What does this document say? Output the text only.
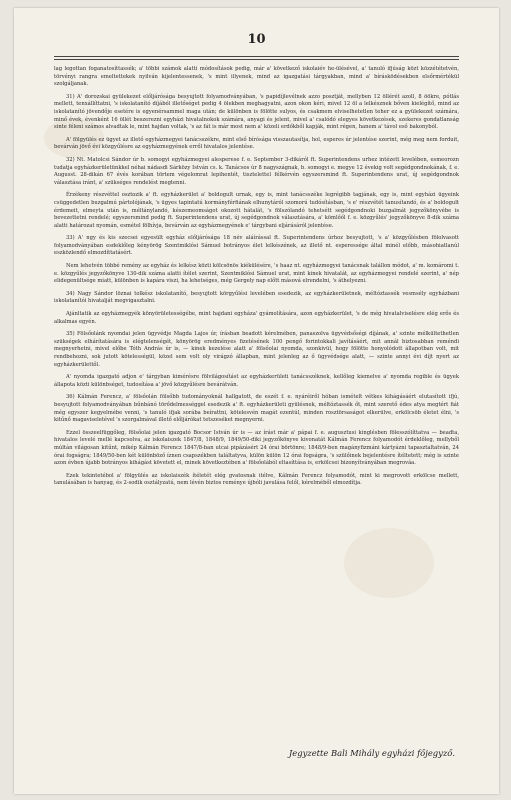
10

lag legottan foganatosíttassék; a' többi számok alatti módosítások pedig, már a' következő iskolaiév he-ülésével, a' tanuló ifjúság közt közzététetvén, törvényi rangra emeltettekek nyilván kijelentessenek, 's mint illyenek, mind az igazgatási tárgyakban, mind a' bírásködésekben elsőrmértékül szolgáljanak.

31) A' dorozskai gyülekezet előljárósága besyujtott folyamodványában, 's papidíjlevélnek azzo posztját, mellyben 12 öllérét azoll, 8 öökre, pótlás mellett, tenxállíttatni, 's iskolatanító díjából illetőséget pedig 4 ölekben meghagyatni, azon okon kéri, mivel 12 öl a lelkésznek bőven kielégítő, mind az iskolatanító jövendője esetére is egyenérsammel maga után; de különben is fölötte sulyos, és csakmem elviselhetetlen teher ez a gyülekezet számára, minő évek, évenként 16 öllét beszerezni egyházi hivatalnokok számára, anyagi és jelent, mivel a' csalódó elegyes következések, szekeres gondatlanság sinte féleni számos alvadtak le, mint hajdan voltak, 's az fát is már most nem a' közeli erdőkből kapják, mint régen, hanem a' távol eső bakonyból.

A' fölgyülés ez ügyet az illető egyházmegyei tanácsszékre, mint első bírósága visszautasítja, hol, esperes úr jelentése szerint, még meg nem forduit, bevárván jövő évi közgyűlésre az egyházmegyének erről hivatalos jelentése.

32) Nt. Matolcsi Sándor úr b. somogyi egyházmegyei alesperese f. e. September 3-dikáról ft. Superintendens urhez intézett levelében, esmeorozn tudatja egyházkerületünkkel néhai nádasdi Sárközy István cs. k. Tanácsos úr 8 nagyszágnak, b. somogyi e. megye 12 évekig volt segédgondnokának, f. e. Augusst. 28-dikán 67 évés korában törtem végelomrat lepihentét, tisztelettel félkérvén egyszersmind ft. Superintendens urat, új segédgondnok választása iránt, a' szükséges rendelést megtenni.

Érzékeny részvéttel osztozik a' ft. egyházkerület a' boldogult urnak, egy is, mint tanácsszéke legrégibb tagjának, egy is, mint egyházi ügyeink csüggedetlen buzgalmú pártolójának, 's ügyes tapintatú kormányférfiának elhunytáról szomorú tudósításban, 's e' részvétét tanusítandó, és a' boldogult érdemeit, elmeyta után is, méltánylandó, készemeomságot okozott hátalát, 's fölszólandó tehetsétt segédgondnoki buzgalmát jegyzőkönyvébe is bevezettetni rendelé; egyszersmind pedig ft. Superintendens urat, új segédgondnok választására, a' kömlőől f. e. közgyűlés' jegyzőkönyve 8-dik száma alatti határozat nyomán, esmétel fölhívja, bevárván az egyházmegyének e' tárgybani eljárásáról jelentése.

33) A' ngy és kis szecsei egyesült egyház előljárósága 18 név aláírással ft. Superintendens úrhoz besyujtott, 's a' közgyűlésben fölolvasott folyamodványában esdeklőleg kényörög Szentmiklósi Sámuel botrányos élet lelkészének, az illető nt. esperessége által minél előbb, másohiatlanúl eszközlendő elmozdíttatásért.

Nem lehetvén többé remény az egyház és lelkész közti kölcsönös kiékülésére, 's haaz nt. egyházmegyei tanácsnak talállon módot, a' m. komáromi t. e. közgyűlés jegyzőkönyve 130-dik száma alatti ítélet szerint, Szentmiklósi Sámuel urat, mint kinek hivatalát, az egyházmegyei rendelé szerint, a' nép elidegenültsége miatt, különben is kapára viszi, ha lehetséges, még Gergely nap előtt másová elrendelni, 's áthelyezni.

34) Nagy Sándor löznai tolkész iskolatanító, besyujtott körgyűlési levelében esedezik, az egyházkerületnek, méltóztassék vesmsély egyházbani iskolatanítói hivatalját megvigasztalni.

Ajánltatik az egyházmegyék könyörületességébe, mint hajdani egyháza' gyámolítására, azon egyházkerület, 's de még hivatalviselésre elég erős és alkalmas egyén.

35) Fölsőolánk nyomdai jelen ügyvédje Magda Lajos úr, írásban beadott kérelmében, panaszolva ügyvédsőségi díjának, a' szinte mélkültethetlen szükségek elhárítatására is elégtelenségét, könyörög eredményes fizetésének 100 pengő forintokkali javításáért, mit annál biztosabban reméndi megnyerhetni, mivel előbe Tóth András úr is, — kinek kezelése alatt a' fölsőolai nyomda, szonkivül, hogy fölötte honyolódott állapotban volt, mit rendbehozni, sok jutott kötelességül, közel sem volt oly virágzó állapban, mint jelenleg az ő ügyvédsége alatt, — szinte annyi évi díjt nyert az egyházkerülettől.

A' nyomda igazgató adjon e' tárgyban kimérésre fölvilágosítást az egyházkerületi tanácsszéknek, kellőleg kiemelve a' nyomda regible és ügyek állapota közti különbséget, tudosítása a' jövő közgyűlésre bevárátván.

36) Kálmán Ferencz, a' fölsőolán fölsőbb tudományoknál hallgatott, de eszét f. e. nyáréiről hóban ismételt vétkes kihágásáért elutasított ifjú, besyujtott folyamodványában bűnbánó törődelmességgel esedezik a' ft. egyházkerületi gyülésnek, méltóztassék őt, mint szerető édes atya megtért fiát még egyszer kegyelmébe venni, 's tanuló ifjak sorába beírattni, kötelesvén magát ezentúl, minden rosztörsaságot elkerülve, erkölcsöb életet élni, 's kitűnő magaviseletével 's szorgalmával illető előljárókat tetszeséket megnyerni.

Ezzel összeelfüggőleg, fölsőolai jelen igazgató Bocsor István úr is — az írást már a' pápai f. e. augusztusi kinglésben fölesszólíttatva — beadta, hivatalos levelé mellé kapcsolva, az iskolaiszek 1847/8, 1848/9, 1849/50-diki jegyzőkönyve kivonatát Kálmán Ferencz folyamodót érdeklőleg, mellyből múltán világosan kitűnt, mikép Kálmán Ferencz 1847/8-ban utcai pipázásért 24 órai börtönre; 1848/9-ben magányfizmáni kártyázni tapasztaltatván, 24 órai fogságra; 1849/50-ben két különböző íznen csapszékben találtatyva, külön külön 12 órai fogságra, 's szülőinek bejelentésre ítéltetett; még is szinte azon évben újabb botrányos kihágást követett el, minek következtében a' fölsőolából eltasíttása is, erkölcsei bizonyítványában megrováa.

Ezek tekintetébol a' fölgyülés az iskolaiszék ítéletét elég gvatosnak itélve, Kálmán Ferencz folyamodót, mint ki megrovott erkölcse mellett, tanulásában is hanyag, és 2-sodik osztályzatú, nem lévén biztos reménye újbóli javulása felől, kérelméből elmozdítja.

Jegyzette Bali Mihály egyházi főjegyző.
